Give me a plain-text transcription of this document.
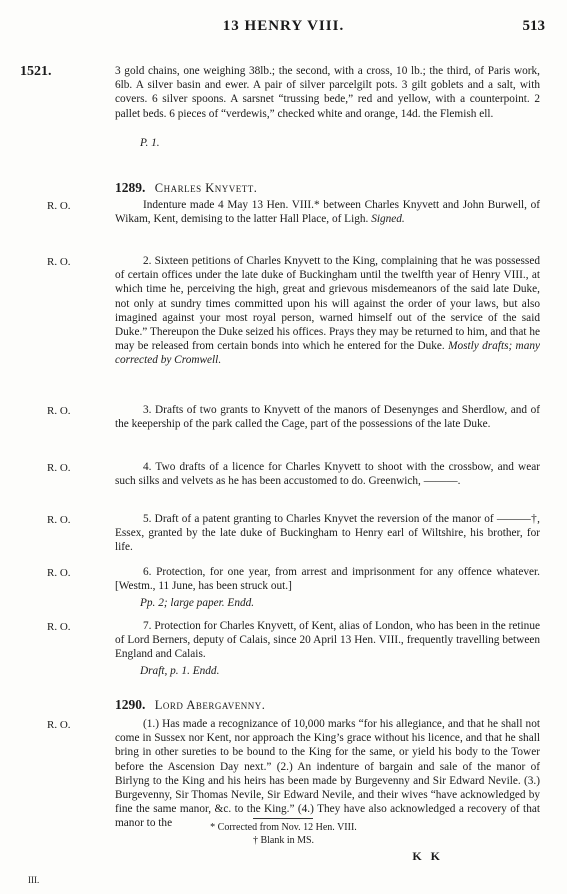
13 HENRY VIII.	513
1521.	3 gold chains, one weighing 38lb.; the second, with a cross, 10 lb.; the third, of Paris work, 6lb. A silver basin and ewer. A pair of silver parcelgilt pots. 3 gilt goblets and a salt, with covers. 6 silver spoons. A sarsnet “trussing bede,” red and yellow, with a counterpoint. 2 pallet beds. 6 pieces of “verdewis,” checked white and orange, 14d. the Flemish ell.
P. 1.
1289. Charles Knyvett.
R. O.	Indenture made 4 May 13 Hen. VIII.* between Charles Knyvett and John Burwell, of Wikam, Kent, demising to the latter Hall Place, of Ligh. Signed.
R. O.	2. Sixteen petitions of Charles Knyvett to the King, complaining that he was possessed of certain offices under the late duke of Buckingham until the twelfth year of Henry VIII., at which time he, perceiving the high, great and grievous misdemeanors of the said late Duke, not only at sundry times committed upon his will against the order of your laws, but also imagined against your most royal person, warned himself out of the service of the said Duke.” Thereupon the Duke seized his offices. Prays they may be returned to him, and that he may be released from certain bonds into which he entered for the Duke. Mostly drafts; many corrected by Cromwell.
R. O.	3. Drafts of two grants to Knyvett of the manors of Desenynges and Sherdlow, and of the keepership of the park called the Cage, part of the possessions of the late Duke.
R. O.	4. Two drafts of a licence for Charles Knyvett to shoot with the crossbow, and wear such silks and velvets as he has been accustomed to do. Greenwich, ———.
R. O.	5. Draft of a patent granting to Charles Knyvet the reversion of the manor of ———†, Essex, granted by the late duke of Buckingham to Henry earl of Wiltshire, his brother, for life.
R. O.	6. Protection, for one year, from arrest and imprisonment for any offence whatever. [Westm., 11 June, has been struck out.]
Pp. 2; large paper. Endd.
R. O.	7. Protection for Charles Knyvett, of Kent, alias of London, who has been in the retinue of Lord Berners, deputy of Calais, since 20 April 13 Hen. VIII., frequently travelling between England and Calais.
Draft, p. 1. Endd.
1290. Lord Abergavenny.
R. O.	(1.) Has made a recognizance of 10,000 marks “for his allegiance, and that he shall not come in Sussex nor Kent, nor approach the King’s grace without his licence, and that he shall bring in other sureties to be bound to the King for the same, or yield his body to the Tower before the Ascension Day next.” (2.) An indenture of bargain and sale of the manor of Birlyng to the King and his heirs has been made by Burgevenny and Sir Edward Nevile. (3.) Burgevenny, Sir Thomas Nevile, Sir Edward Nevile, and their wives “have acknowledged by fine the same manor, &c. to the King.” (4.) They have also acknowledged a recovery of that manor to the	* Corrected from Nov. 12 Hen. VIII.
† Blank in MS.
K K
III.
